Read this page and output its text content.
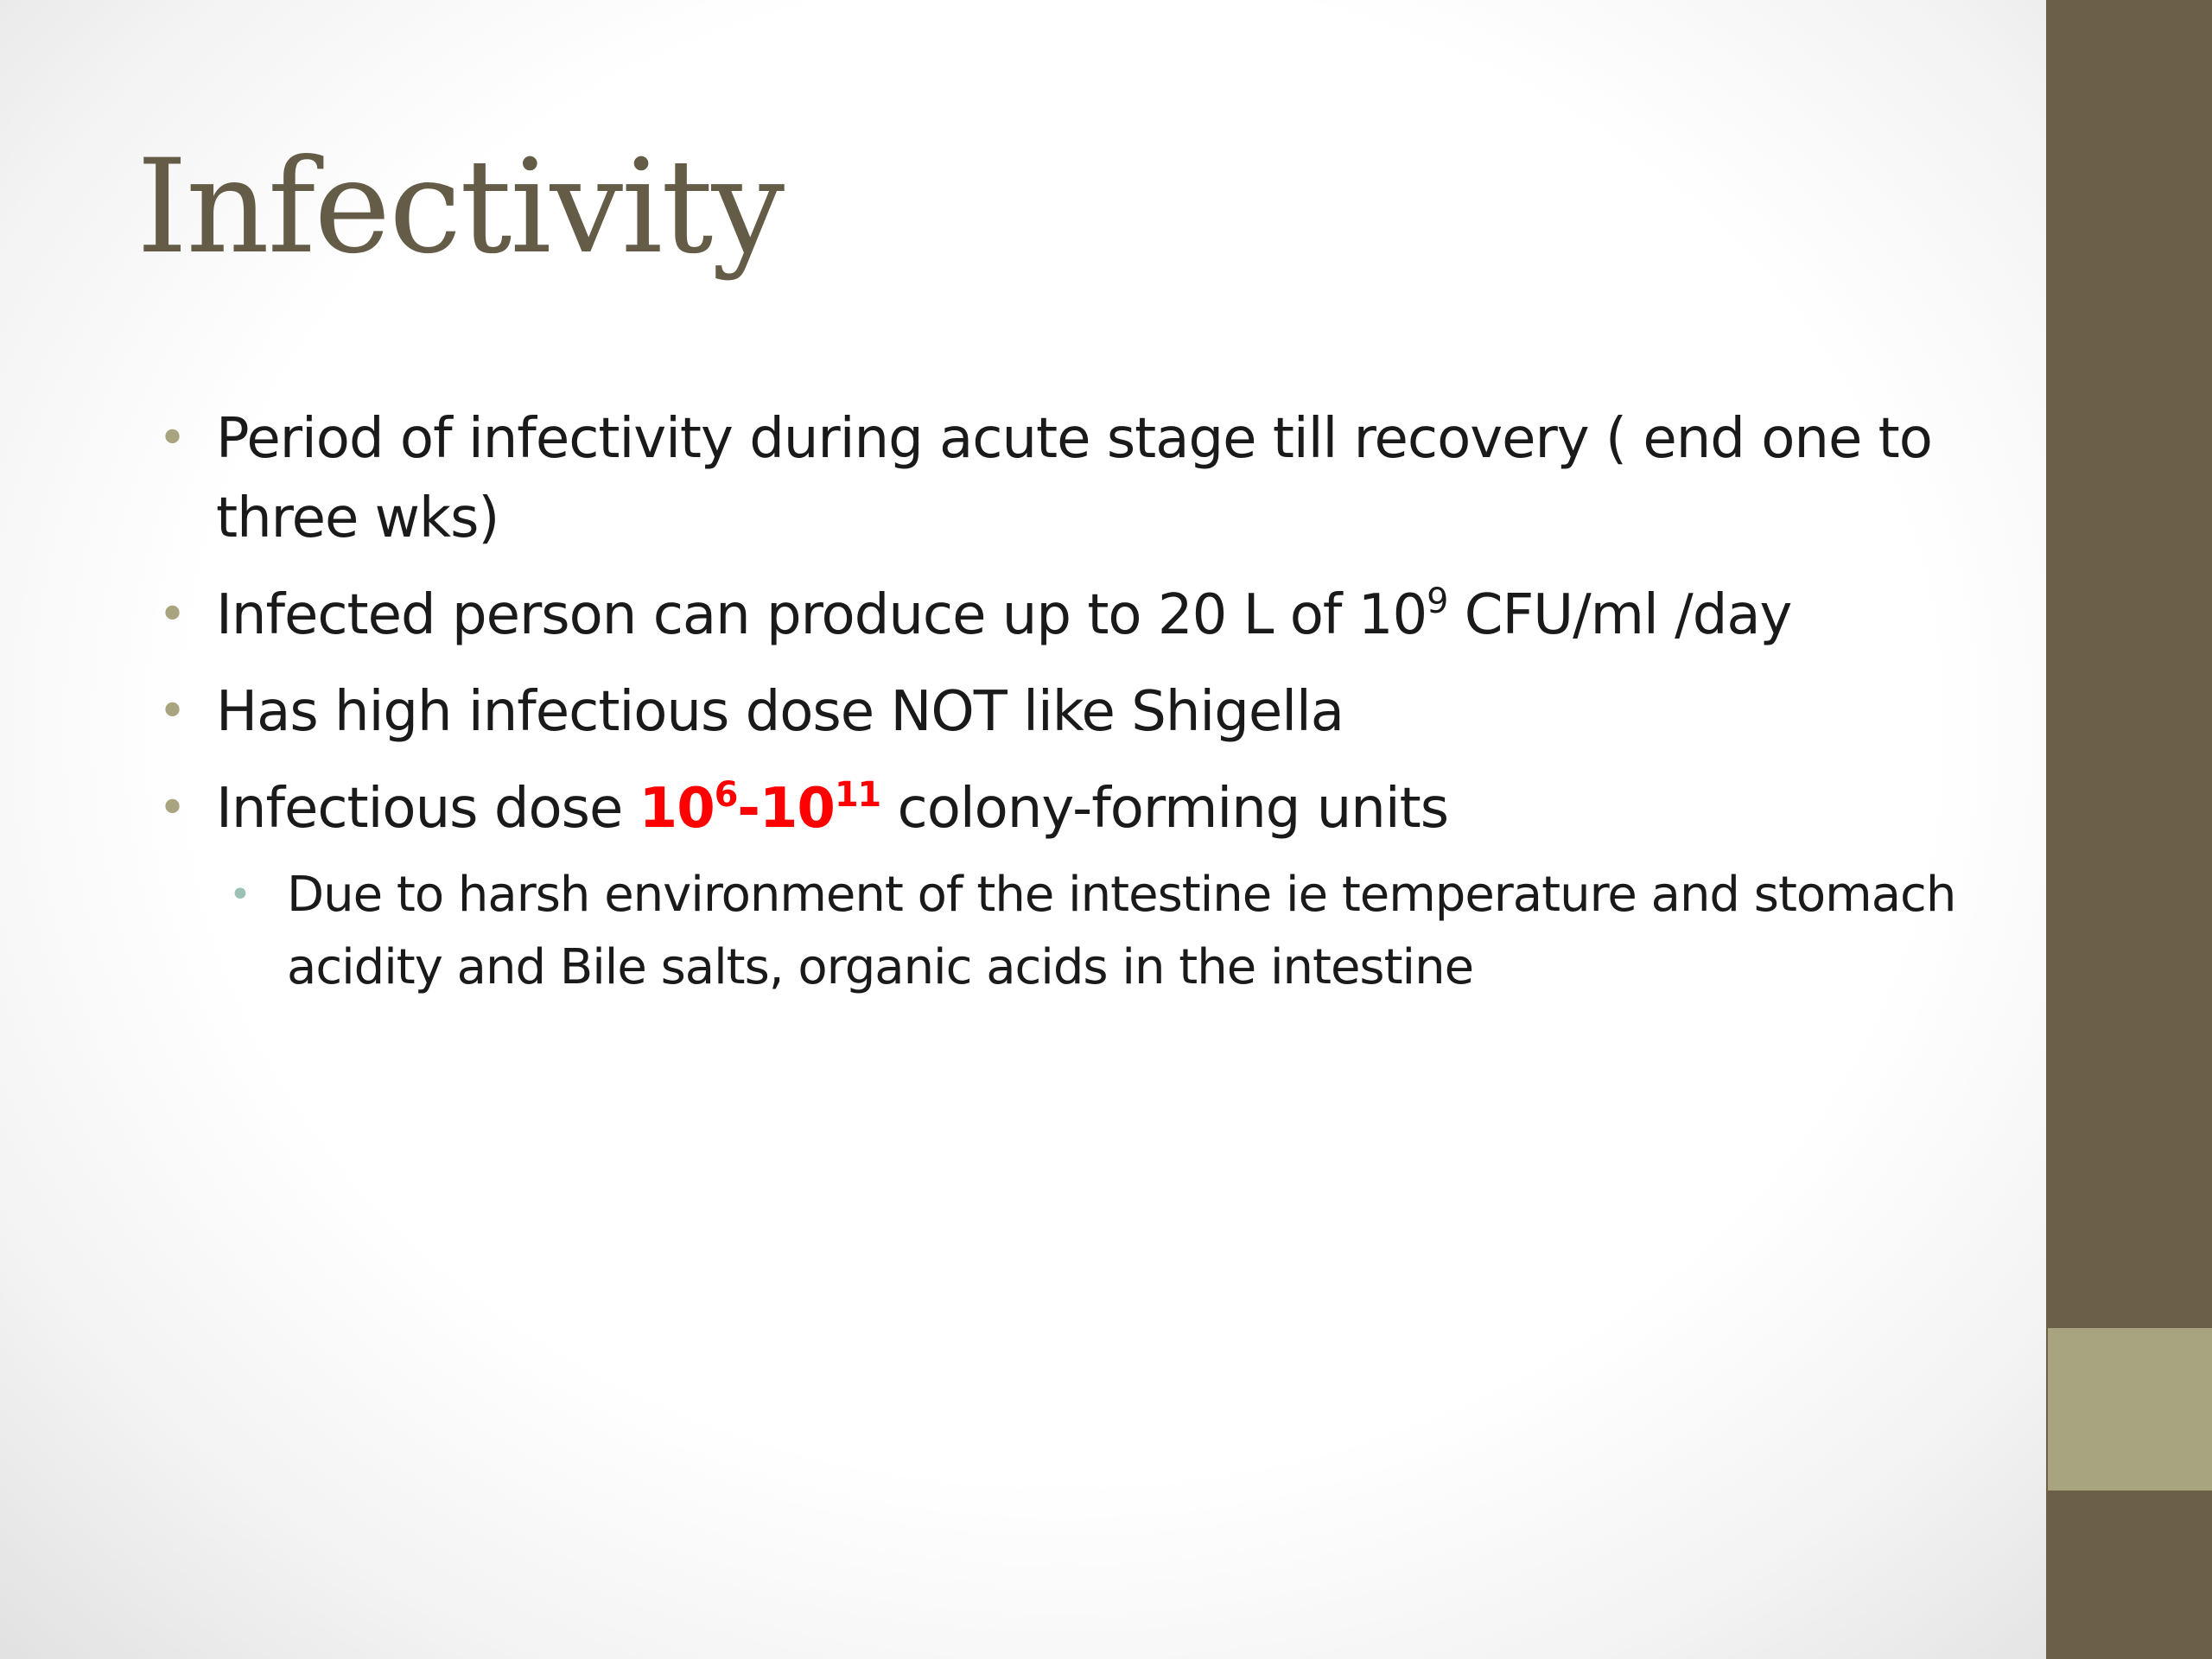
Infectivity
• Period of infectivity during acute stage till recovery ( end one to three wks)
• Infected person can produce up to 20 L of $10^9$ CFU/ml /day
• Has high infectious dose NOT like Shigella
• Infectious dose $10^6-10^{11}$ colony-forming units
• Due to harsh environment of the intestine ie temperature and stomach acidity and Bile salts, organic acids in the intestine
